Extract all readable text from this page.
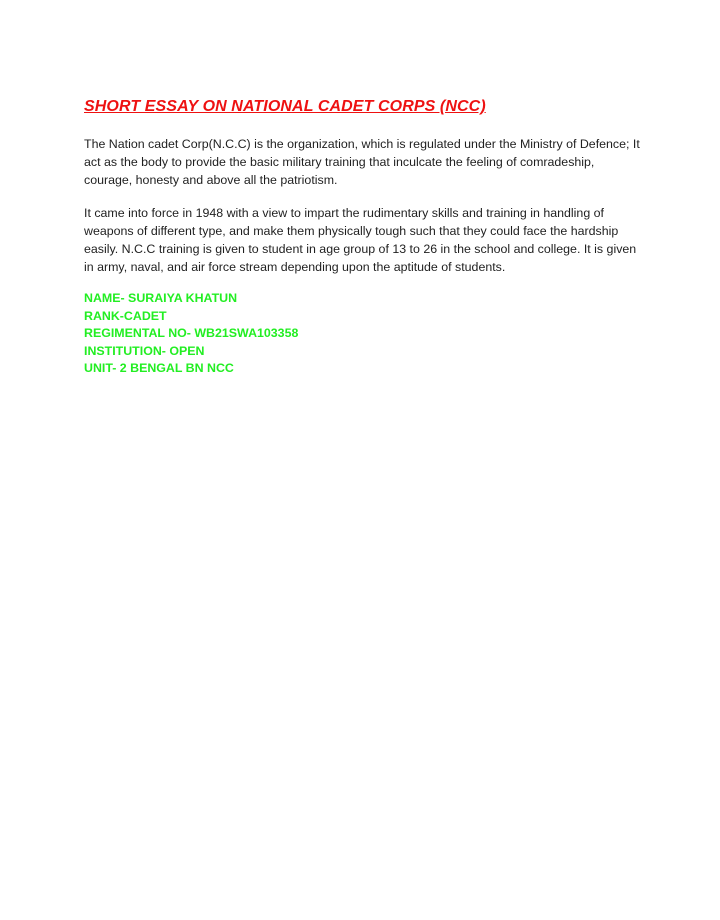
SHORT ESSAY ON NATIONAL CADET CORPS (NCC)

The Nation cadet Corp(N.C.C) is the organization, which is regulated under the Ministry of Defence; It act as the body to provide the basic military training that inculcate the feeling of comradeship, courage, honesty and above all the patriotism.

It came into force in 1948 with a view to impart the rudimentary skills and training in handling of weapons of different type, and make them physically tough such that they could face the hardship easily. N.C.C training is given to student in age group of 13 to 26 in the school and college. It is given in army, naval, and air force stream depending upon the aptitude of students.

NAME- SURAIYA KHATUN
RANK-CADET
REGIMENTAL NO- WB21SWA103358
INSTITUTION- OPEN
UNIT- 2 BENGAL BN NCC
